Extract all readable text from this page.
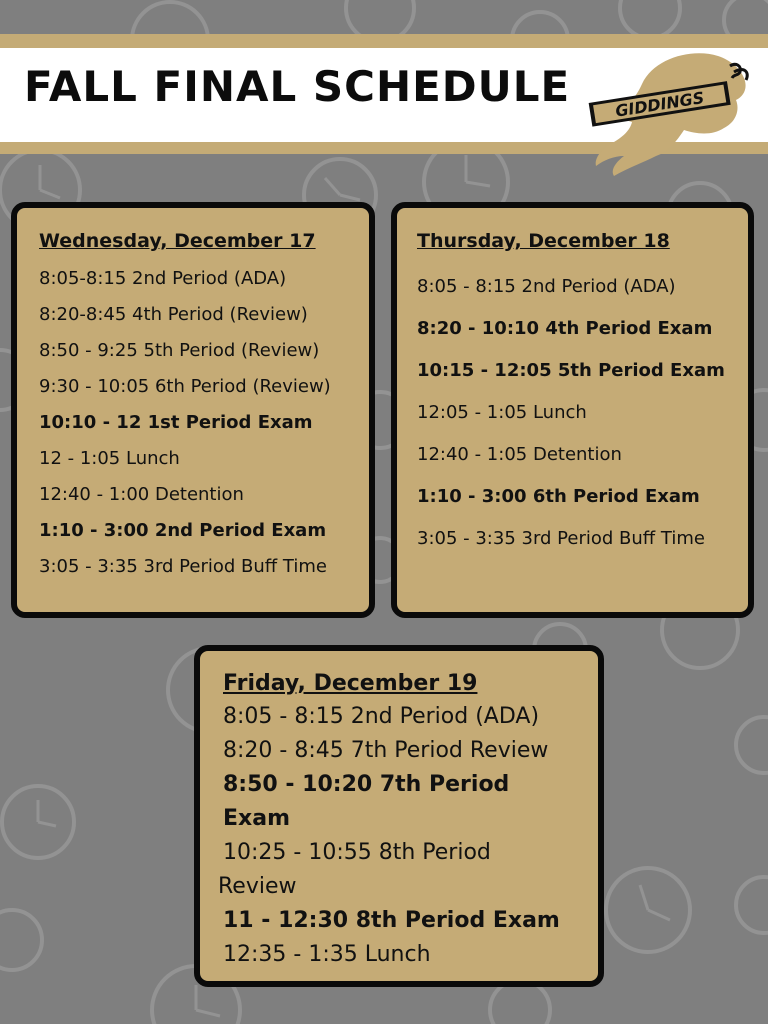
FALL FINAL SCHEDULE	GIDDINGS
Wednesday, December 17
8:05-8:15 2nd Period (ADA)
8:20-8:45 4th Period (Review)
8:50 - 9:25 5th Period (Review)
9:30 - 10:05 6th Period (Review)
10:10 - 12 1st Period Exam
12 - 1:05 Lunch
12:40 - 1:00 Detention
1:10 - 3:00 2nd Period Exam
3:05 - 3:35 3rd Period Buff Time
Thursday, December 18
8:05 - 8:15 2nd Period (ADA)
8:20 - 10:10 4th Period Exam
10:15 - 12:05 5th Period Exam
12:05 - 1:05 Lunch
12:40 - 1:05 Detention
1:10 - 3:00 6th Period Exam
3:05 - 3:35 3rd Period Buff Time
Friday, December 19
8:05 - 8:15 2nd Period (ADA)
8:20 - 8:45 7th Period Review
8:50 - 10:20 7th Period Exam
10:25 - 10:55 8th Period
Review
11 - 12:30 8th Period Exam
12:35 - 1:35 Lunch
